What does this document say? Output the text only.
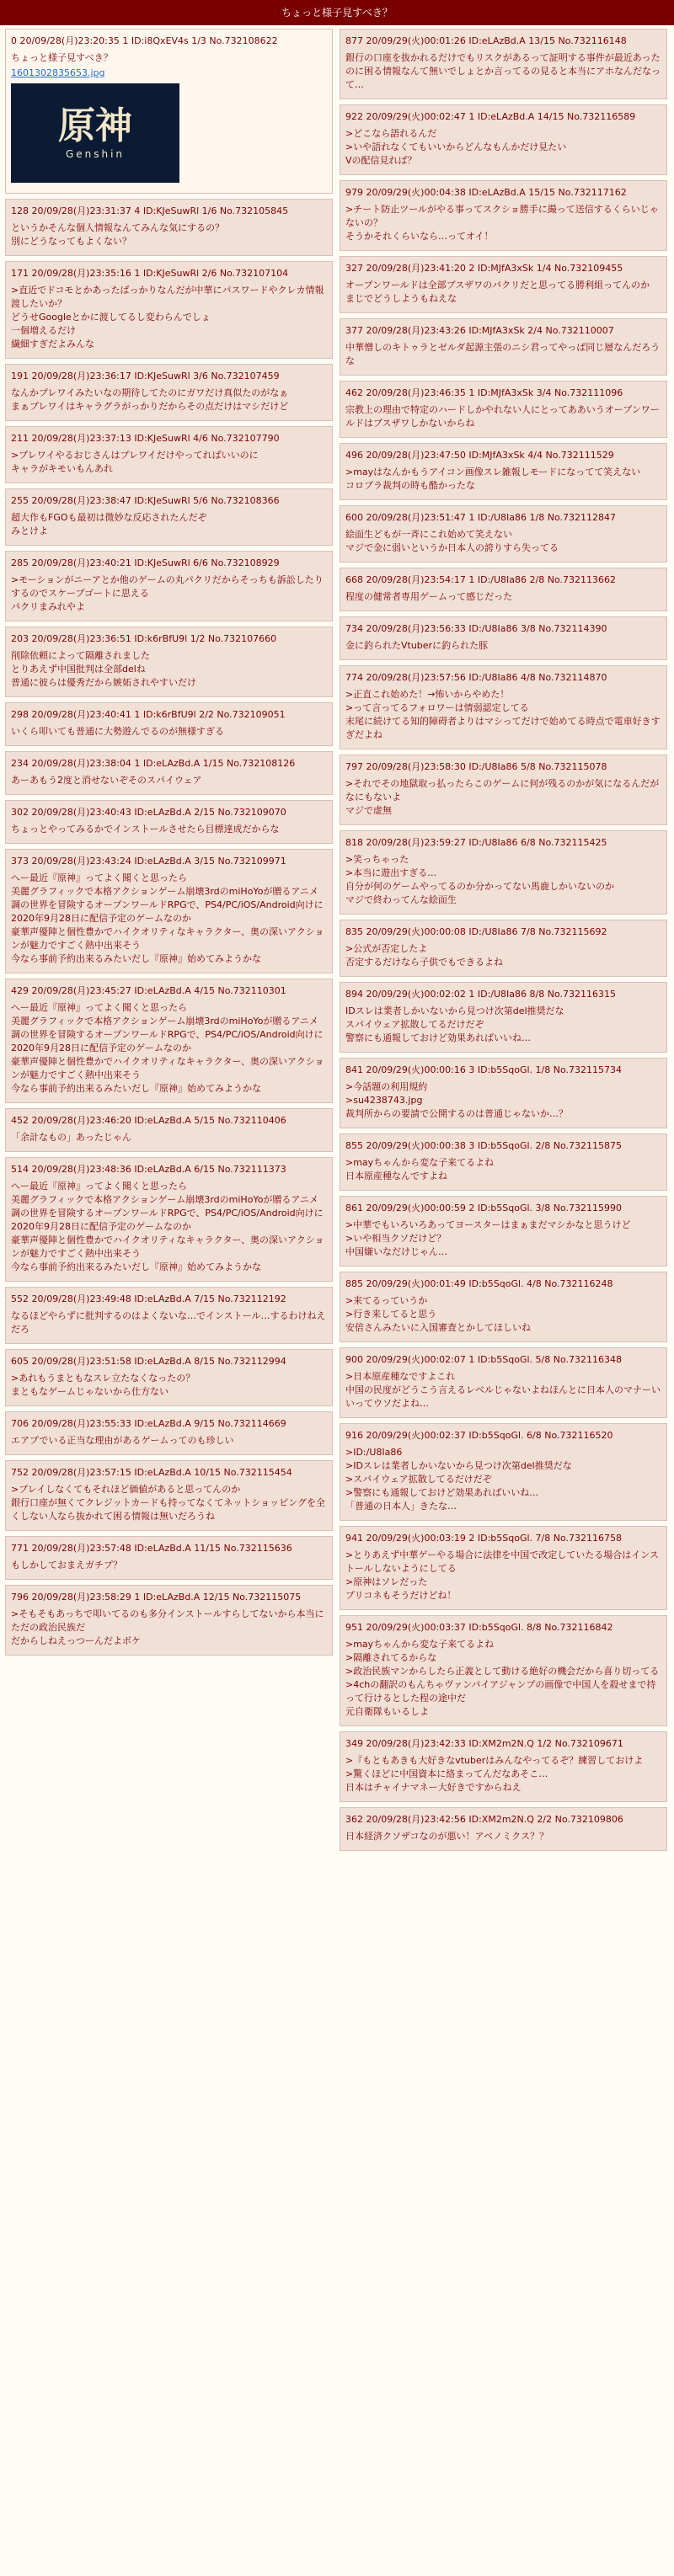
ちょっと様子見すべき？
0 20/09/28(月)23:20:35 1 ID:i8QxEV4s 1/3 No.732108622
ちょっと様子見すべき？
1601302835653.jpg
原神
Genshin
128 20/09/28(月)23:31:37 4 ID:KJeSuwRl 1/6 No.732105845
というかそんな個人情報なんてみんな気にするの？
別にどうなってもよくない？
171 20/09/28(月)23:35:16 1 ID:KJeSuwRl 2/6 No.732107104
>直近でドコモとかあったばっかりなんだが中華にパスワードやクレカ情報渡したいか？
どうせGoogleとかに渡してるし変わらんでしょ
一個増えるだけ
繊細すぎだよみんな
191 20/09/28(月)23:36:17 ID:KJeSuwRl 3/6 No.732107459
なんかプレワイみたいなの期待してたのにガワだけ真似たのがなぁ
まぁプレワイはキャラグラがっかりだからその点だけはマシだけど
211 20/09/28(月)23:37:13 ID:KJeSuwRl 4/6 No.732107790
>プレワイやるおじさんはプレワイだけやってればいいのに
キャラがキモいもんあれ
255 20/09/28(月)23:38:47 ID:KJeSuwRl 5/6 No.732108366
超大作もFGOも最初は微妙な反応されたんだぞ
みとけよ
285 20/09/28(月)23:40:21 ID:KJeSuwRl 6/6 No.732108929
>モーションがニーアとか他のゲームの丸パクリだからそっちも訴訟したりするのでスケープゴートに思える
パクリまみれやよ
203 20/09/28(月)23:36:51 ID:k6rBfU9l 1/2 No.732107660
削除依頼によって隔離されました
とりあえず中国批判は全部delね
普通に彼らは優秀だから嫉妬されやすいだけ
298 20/09/28(月)23:40:41 1 ID:k6rBfU9l 2/2 No.732109051
いくら叩いても普通に大勢遊んでるのが無様すぎる
234 20/09/28(月)23:38:04 1 ID:eLAzBd.A 1/15 No.732108126
あーあもう2度と消せないぞそのスパイウェア
302 20/09/28(月)23:40:43 ID:eLAzBd.A 2/15 No.732109070
ちょっとやってみるかでインストールさせたら目標達成だからな
373 20/09/28(月)23:43:24 ID:eLAzBd.A 3/15 No.732109971
へー最近『原神』ってよく聞くと思ったら
美麗グラフィックで本格アクションゲーム崩壊3rdのmiHoYoが贈るアニメ調の世界を冒険するオープンワールドRPGで、PS4/PC/iOS/Android向けに2020年9月28日に配信予定のゲームなのか
豪華声優陣と個性豊かでハイクオリティなキャラクター、奥の深いアクションが魅力ですごく熱中出来そう
今なら事前予約出来るみたいだし『原神』始めてみようかな
429 20/09/28(月)23:45:27 ID:eLAzBd.A 4/15 No.732110301
へー最近『原神』ってよく聞くと思ったら
美麗グラフィックで本格アクションゲーム崩壊3rdのmiHoYoが贈るアニメ調の世界を冒険するオープンワールドRPGで、PS4/PC/iOS/Android向けに2020年9月28日に配信予定のゲームなのか
豪華声優陣と個性豊かでハイクオリティなキャラクター、奥の深いアクションが魅力ですごく熱中出来そう
今なら事前予約出来るみたいだし『原神』始めてみようかな
452 20/09/28(月)23:46:20 ID:eLAzBd.A 5/15 No.732110406
「余計なもの」あったじゃん
514 20/09/28(月)23:48:36 ID:eLAzBd.A 6/15 No.732111373
へー最近『原神』ってよく聞くと思ったら
美麗グラフィックで本格アクションゲーム崩壊3rdのmiHoYoが贈るアニメ調の世界を冒険するオープンワールドRPGで、PS4/PC/iOS/Android向けに2020年9月28日に配信予定のゲームなのか
豪華声優陣と個性豊かでハイクオリティなキャラクター、奥の深いアクションが魅力ですごく熱中出来そう
今なら事前予約出来るみたいだし『原神』始めてみようかな
552 20/09/28(月)23:49:48 ID:eLAzBd.A 7/15 No.732112192
なるほどやらずに批判するのはよくないな…でインストール…するわけねえだろ
605 20/09/28(月)23:51:58 ID:eLAzBd.A 8/15 No.732112994
>あれもうまともなスレ立たなくなったの？
まともなゲームじゃないから仕方ない
706 20/09/28(月)23:55:33 ID:eLAzBd.A 9/15 No.732114669
エアプでいる正当な理由があるゲームってのも珍しい
752 20/09/28(月)23:57:15 ID:eLAzBd.A 10/15 No.732115454
>プレイしなくてもそれほど価値があると思ってんのか
銀行口座が無くてクレジットカードも持ってなくてネットショッピングを全くしない人なら抜かれて困る情報は無いだろうね
771 20/09/28(月)23:57:48 ID:eLAzBd.A 11/15 No.732115636
もしかしておまえガチプ？
796 20/09/28(月)23:58:29 1 ID:eLAzBd.A 12/15 No.732115075
>そもそもあっちで叩いてるのも多分インストールすらしてないから本当にただの政治民族だ
だからしねえっつーんだよボケ
877 20/09/29(火)00:01:26 ID:eLAzBd.A 13/15 No.732116148
銀行の口座を抜かれるだけでもリスクがあるって証明する事件が最近あったのに困る情報なんて無いでしょとか言ってるの見ると本当にアホなんだなって…
922 20/09/29(火)00:02:47 1 ID:eLAzBd.A 14/15 No.732116589
>どこなら語れるんだ
>いや語れなくてもいいからどんなもんかだけ見たい
Vの配信見れば？
979 20/09/29(火)00:04:38 ID:eLAzBd.A 15/15 No.732117162
>チート防止ツールがやる事ってスクショ勝手に撮って送信するくらいじゃないの？
そうかそれくらいなら…ってオイ！
327 20/09/28(月)23:41:20 2 ID:MJfA3xSk 1/4 No.732109455
オープンワールドは全部ブスザワのパクリだと思ってる勝利組ってんのか
まじでどうしようもねえな
377 20/09/28(月)23:43:26 ID:MJfA3xSk 2/4 No.732110007
中華憎しのキトゥラとゼルダ起源主張のニシ君ってやっぱ同じ層なんだろうな
462 20/09/28(月)23:46:35 1 ID:MJfA3xSk 3/4 No.732111096
宗教上の理由で特定のハードしかやれない人にとってああいうオープンワールドはブスザワしかないからね
496 20/09/28(月)23:47:50 ID:MJfA3xSk 4/4 No.732111529
>mayはなんかもうアイコン画像スレ雑報しモードになってて笑えない
コロプラ裁判の時も酷かったな
600 20/09/28(月)23:51:47 1 ID:/U8Ia86 1/8 No.732112847
絵面生どもが一斉にこれ始めて笑えない
マジで金に弱いというか日本人の誇りすら失ってる
668 20/09/28(月)23:54:17 1 ID:/U8Ia86 2/8 No.732113662
程度の健常者専用ゲームって感じだった
734 20/09/28(月)23:56:33 ID:/U8Ia86 3/8 No.732114390
金に釣られたVtuberに釣られた豚
774 20/09/28(月)23:57:56 ID:/U8Ia86 4/8 No.732114870
>正直これ始めた！→怖いからやめた！
>って言ってるフォロワーは情弱認定してる
末尾に続けてる知的障碍者よりはマシってだけで始めてる時点で電車好きすぎだよね
797 20/09/28(月)23:58:30 ID:/U8Ia86 5/8 No.732115078
>それでその地獄取っ払ったらこのゲームに何が残るのかが気になるんだが
なにもないよ
マジで虚無
818 20/09/28(月)23:59:27 ID:/U8Ia86 6/8 No.732115425
>笑っちゃった
>本当に遊出すぎる…
自分が何のゲームやってるのか分かってない馬鹿しかいないのか
マジで終わってんな絵面生
835 20/09/29(火)00:00:08 ID:/U8Ia86 7/8 No.732115692
>公式が否定したよ
否定するだけなら子供でもできるよね
894 20/09/29(火)00:02:02 1 ID:/U8Ia86 8/8 No.732116315
IDスレは業者しかいないから見つけ次第del推奨だな
スパイウェア拡散してるだけだぞ
警察にも通報しておけど効果あればいいね…
841 20/09/29(火)00:00:16 3 ID:b5SqoGl. 1/8 No.732115734
>今話題の利用規約
>su4238743.jpg
裁判所からの要請で公開するのは普通じゃないか…？
855 20/09/29(火)00:00:38 3 ID:b5SqoGl. 2/8 No.732115875
>mayちゃんから変な子来てるよね
日本原産種なんですよね
861 20/09/29(火)00:00:59 2 ID:b5SqoGl. 3/8 No.732115990
>中華でもいろいろあってヨースターはまぁまだマシかなと思うけど
>いや相当クソだけど？
中国嫌いなだけじゃん…
885 20/09/29(火)00:01:49 ID:b5SqoGl. 4/8 No.732116248
>来てるっていうか
>行き来してると思う
安倍さんみたいに入国審査とかしてほしいね
900 20/09/29(火)00:02:07 1 ID:b5SqoGl. 5/8 No.732116348
>日本原産種なですよこれ
中国の民度がどうこう言えるレベルじゃないよねほんとに日本人のマナーいいってウソだよね…
916 20/09/29(火)00:02:37 ID:b5SqoGl. 6/8 No.732116520
>ID:/U8Ia86
>IDスレは業者しかいないから見つけ次第del推奨だな
>スパイウェア拡散してるだけだぞ
>警察にも通報しておけど効果あればいいね…
「普通の日本人」きたな…
941 20/09/29(火)00:03:19 2 ID:b5SqoGl. 7/8 No.732116758
>とりあえず中華ゲーやる場合に法律を中国で改定していたる場合はインストールしないようにしてる
>原神はソレだった
プリコネもそうだけどね！
951 20/09/29(火)00:03:37 ID:b5SqoGl. 8/8 No.732116842
>mayちゃんから変な子来てるよね
>隔離されてるからな
>政治民族マンからしたら正義として動ける絶好の機会だから喜り切ってる
>4chの翻訳のもんちゃヴァンパイアジャンプの画像で中国人を殺せまで持って行けるとした程の途中だ
元自衛隊もいるしよ
349 20/09/28(月)23:42:33 ID:XM2m2N.Q 1/2 No.732109671
>『もともあきも大好きなvtuberはみんなやってるぞ？練習しておけよ
>驚くほどに中国資本に絡まってんだなあそこ…
日本はチャイナマネー大好きですからねえ
362 20/09/28(月)23:42:56 ID:XM2m2N.Q 2/2 No.732109806
日本経済クソザコなのが悪い！アベノミクス？？
